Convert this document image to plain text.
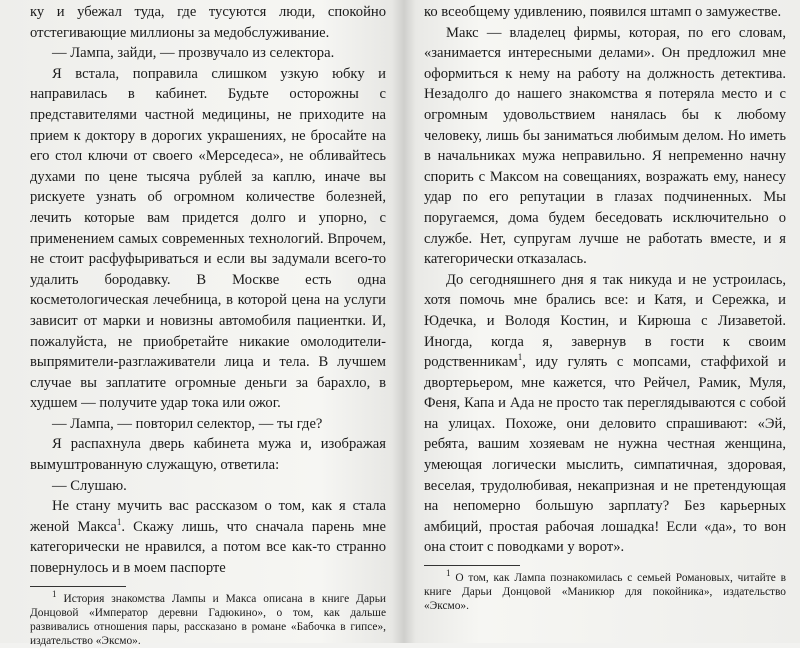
ку и убежал туда, где тусуются люди, спокойно отстегивающие миллионы за медобслуживание.

— Лампа, зайди, — прозвучало из селектора.

Я встала, поправила слишком узкую юбку и направилась в кабинет. Будьте осторожны с представителями частной медицины, не приходите на прием к доктору в дорогих украшениях, не бросайте на его стол ключи от своего «Мерседеса», не обливайтесь духами по цене тысяча рублей за каплю, иначе вы рискуете узнать об огромном количестве болезней, лечить которые вам придется долго и упорно, с применением самых современных технологий. Впрочем, не стоит расфуфыриваться и если вы задумали всего-то удалить бородавку. В Москве есть одна косметологическая лечебница, в которой цена на услуги зависит от марки и новизны автомобиля пациентки. И, пожалуйста, не приобретайте никакие омолодители-выпрямители-разглаживатели лица и тела. В лучшем случае вы заплатите огромные деньги за барахло, в худшем — получите удар тока или ожог.

— Лампа, — повторил селектор, — ты где?

Я распахнула дверь кабинета мужа и, изображая вымуштрованную служащую, ответила:

— Слушаю.

Не стану мучить вас рассказом о том, как я стала женой Макса$^1$. Скажу лишь, что сначала парень мне категорически не нравился, а потом все как-то странно повернулось и в моем паспорте

$^1$ История знакомства Лампы и Макса описана в книге Дарьи Донцовой «Император деревни Гадюкино», о том, как дальше развивались отношения пары, рассказано в романе «Бабочка в гипсе», издательство «Эксмо».

ко всеобщему удивлению, появился штамп о замужестве.

Макс — владелец фирмы, которая, по его словам, «занимается интересными делами». Он предложил мне оформиться к нему на работу на должность детектива. Незадолго до нашего знакомства я потеряла место и с огромным удовольствием нанялась бы к любому человеку, лишь бы заниматься любимым делом. Но иметь в начальниках мужа неправильно. Я непременно начну спорить с Максом на совещаниях, возражать ему, нанесу удар по его репутации в глазах подчиненных. Мы поругаемся, дома будем беседовать исключительно о службе. Нет, супругам лучше не работать вместе, и я категорически отказалась.

До сегодняшнего дня я так никуда и не устроилась, хотя помочь мне брались все: и Катя, и Сережка, и Юдечка, и Володя Костин, и Кирюша с Лизаветой. Иногда, когда я, завернув в гости к своим родственникам$^1$, иду гулять с мопсами, стаффихой и двортерьером, мне кажется, что Рейчел, Рамик, Муля, Феня, Капа и Ада не просто так переглядываются с собой на улицах. Похоже, они деловито спрашивают: «Эй, ребята, вашим хозяевам не нужна честная женщина, умеющая логически мыслить, симпатичная, здоровая, веселая, трудолюбивая, некапризная и не претендующая на непомерно большую зарплату? Без карьерных амбиций, простая рабочая лошадка! Если «да», то вон она стоит с поводками у ворот».

$^1$ О том, как Лампа познакомилась с семьей Романовых, читайте в книге Дарьи Донцовой «Маникюр для покойника», издательство «Эксмо».
